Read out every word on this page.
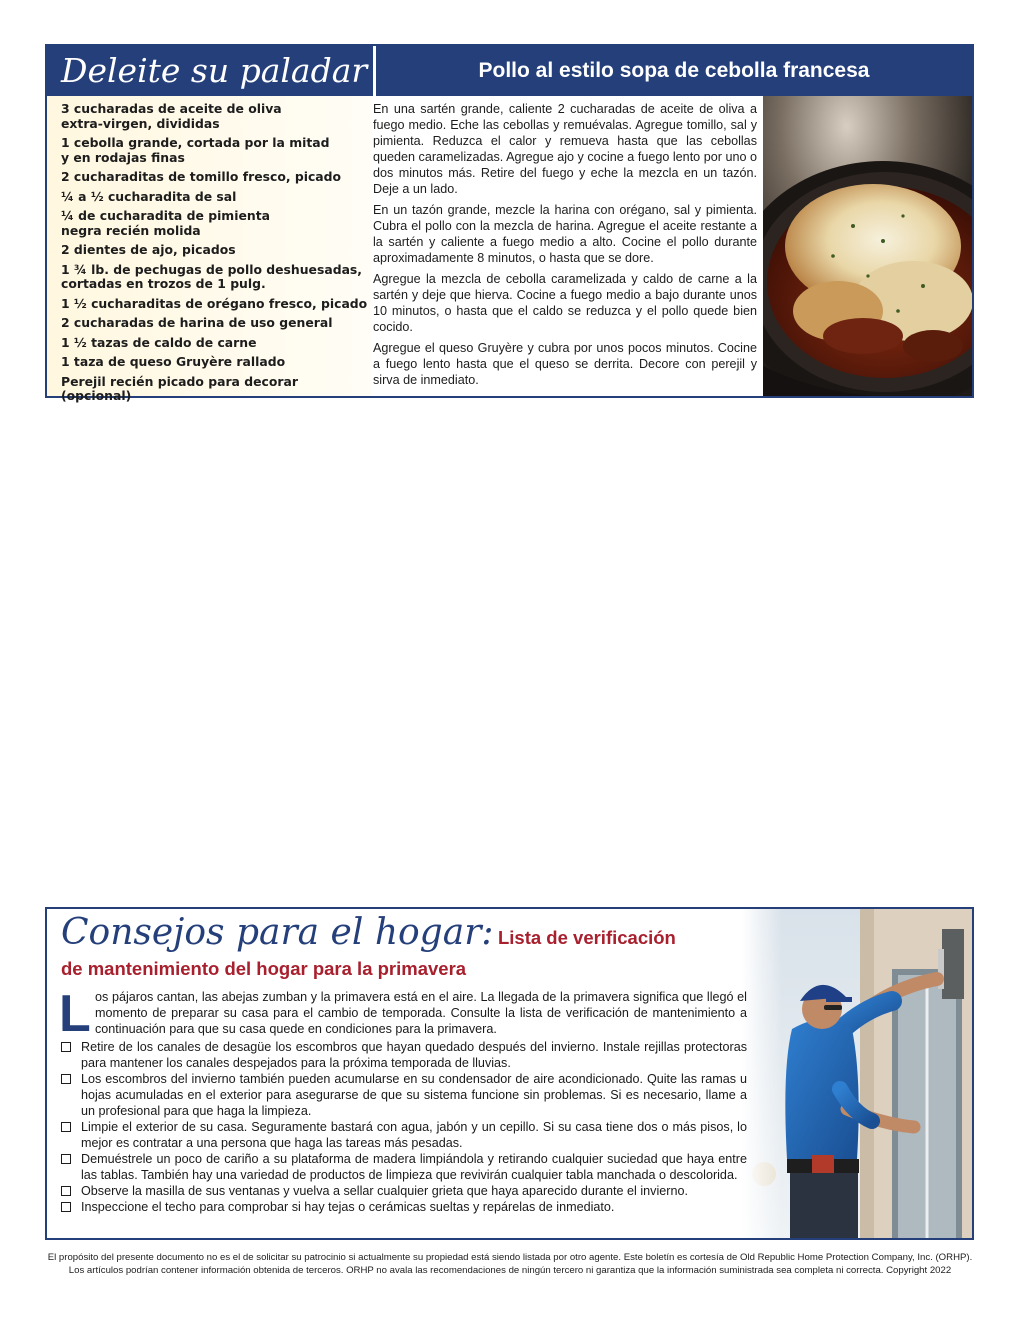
Deleite su paladar	Pollo al estilo sopa de cebolla francesa
3 cucharadas de aceite de oliva
extra-virgen, divididas
1 cebolla grande, cortada por la mitad
y en rodajas finas
2 cucharaditas de tomillo fresco, picado
¼ a ½ cucharadita de sal
¼ de cucharadita de pimienta
negra recién molida
2 dientes de ajo, picados
1 ¾ lb. de pechugas de pollo deshuesadas,
cortadas en trozos de 1 pulg.
1 ½ cucharaditas de orégano fresco, picado
2 cucharadas de harina de uso general
1 ½ tazas de caldo de carne
1 taza de queso Gruyère rallado
Perejil recién picado para decorar (opcional)

En una sartén grande, caliente 2 cucharadas de aceite de oliva a fuego medio. Eche las cebollas y remuévalas. Agregue tomillo, sal y pimienta. Reduzca el calor y remueva hasta que las cebollas queden caramelizadas. Agregue ajo y cocine a fuego lento por uno o dos minutos más. Retire del fuego y eche la mezcla en un tazón. Deje a un lado.

En un tazón grande, mezcle la harina con orégano, sal y pimienta. Cubra el pollo con la mezcla de harina. Agregue el aceite restante a la sartén y caliente a fuego medio a alto. Cocine el pollo durante aproximadamente 8 minutos, o hasta que se dore.

Agregue la mezcla de cebolla caramelizada y caldo de carne a la sartén y deje que hierva. Cocine a fuego medio a bajo durante unos 10 minutos, o hasta que el caldo se reduzca y el pollo quede bien cocido.

Agregue el queso Gruyère y cubra por unos pocos minutos. Cocine a fuego lento hasta que el queso se derrita. Decore con perejil y sirva de inmediato.

Consejos para el hogar: Lista de verificación
de mantenimiento del hogar para la primavera
L os pájaros cantan, las abejas zumban y la primavera está en el aire. La llegada de la primavera significa que llegó el momento de preparar su casa para el cambio de temporada. Consulte la lista de verificación de mantenimiento a continuación para que su casa quede en condiciones para la primavera.
Retire de los canales de desagüe los escombros que hayan quedado después del invierno. Instale rejillas protectoras para mantener los canales despejados para la próxima temporada de lluvias.
Los escombros del invierno también pueden acumularse en su condensador de aire acondicionado. Quite las ramas u hojas acumuladas en el exterior para asegurarse de que su sistema funcione sin problemas. Si es necesario, llame a un profesional para que haga la limpieza.
Limpie el exterior de su casa. Seguramente bastará con agua, jabón y un cepillo. Si su casa tiene dos o más pisos, lo mejor es contratar a una persona que haga las tareas más pesadas.
Demuéstrele un poco de cariño a su plataforma de madera limpiándola y retirando cualquier suciedad que haya entre las tablas. También hay una variedad de productos de limpieza que revivirán cualquier tabla manchada o descolorida.
Observe la masilla de sus ventanas y vuelva a sellar cualquier grieta que haya aparecido durante el invierno.
Inspeccione el techo para comprobar si hay tejas o cerámicas sueltas y repárelas de inmediato.
El propósito del presente documento no es el de solicitar su patrocinio si actualmente su propiedad está siendo listada por otro agente. Este boletín es cortesía de Old Republic Home Protection Company, Inc. (ORHP).
Los artículos podrían contener información obtenida de terceros. ORHP no avala las recomendaciones de ningún tercero ni garantiza que la información suministrada sea completa ni correcta. Copyright 2022
